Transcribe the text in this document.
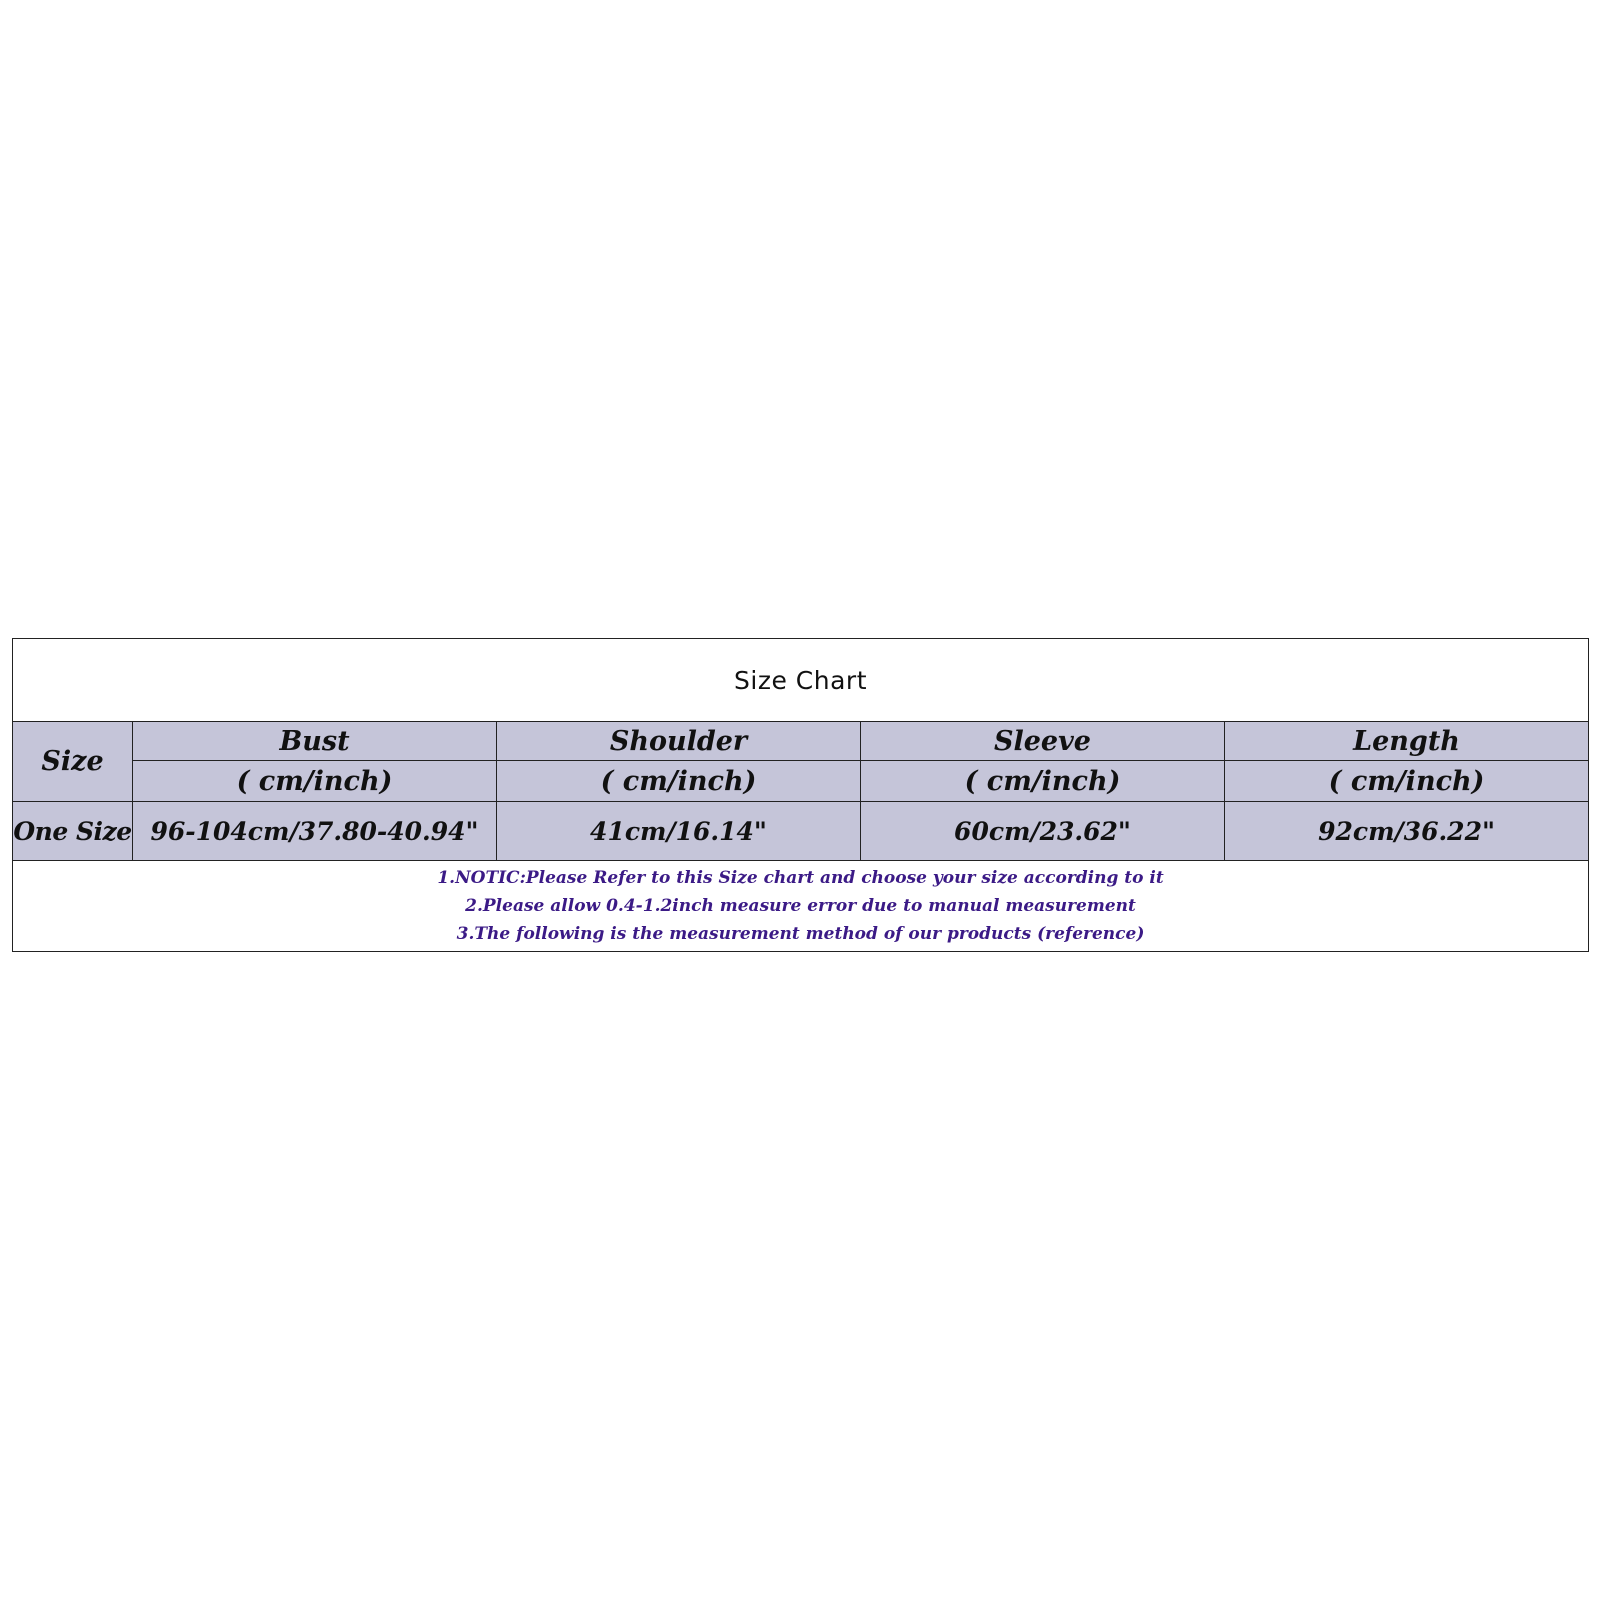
Size Chart				
Size	Bust	Shoulder	Sleeve	Length
	( cm/inch)	( cm/inch)	( cm/inch)	( cm/inch)
One Size	96-104cm/37.80-40.94"	41cm/16.14"	60cm/23.62"	92cm/36.22"

1.NOTIC:Please Refer to this Size chart and choose your size according to it
2.Please allow 0.4-1.2inch measure error due to manual measurement
3.The following is the measurement method of our products (reference)				
